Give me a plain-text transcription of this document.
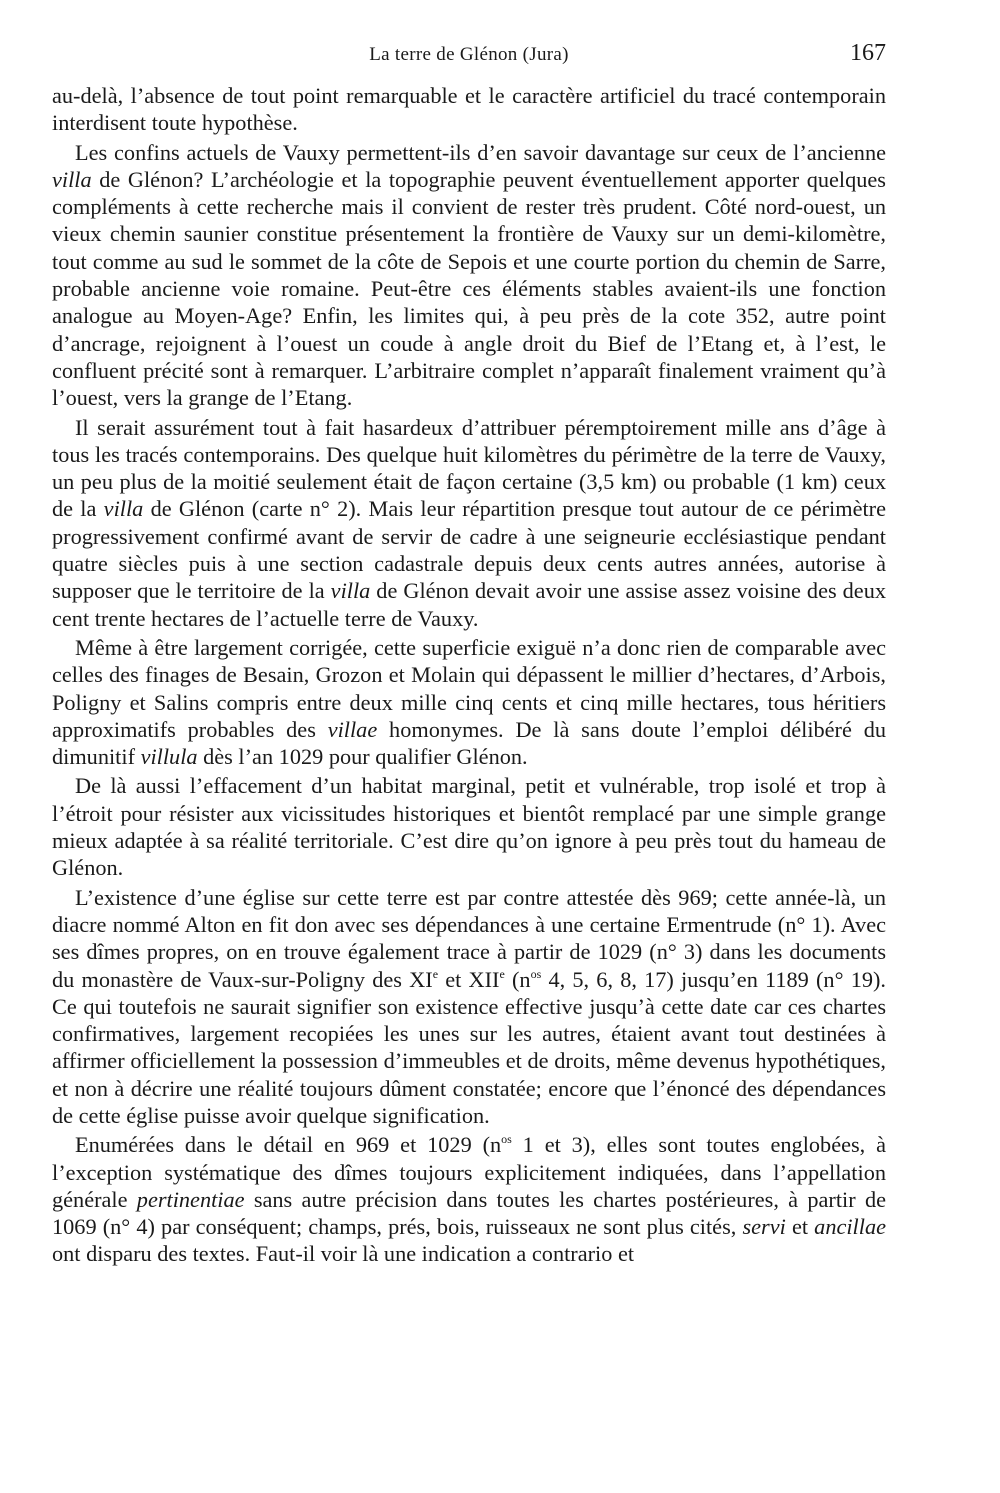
La terre de Glénon (Jura)	167

au-delà, l’absence de tout point remarquable et le caractère artificiel du tracé contemporain interdisent toute hypothèse.

Les confins actuels de Vauxy permettent-ils d’en savoir davantage sur ceux de l’ancienne villa de Glénon? L’archéologie et la topographie peuvent éventuellement apporter quelques compléments à cette recherche mais il convient de rester très prudent. Côté nord-ouest, un vieux chemin saunier constitue présentement la frontière de Vauxy sur un demi-kilomètre, tout comme au sud le sommet de la côte de Sepois et une courte portion du chemin de Sarre, probable ancienne voie romaine. Peut-être ces éléments stables avaient-ils une fonction analogue au Moyen-Age? Enfin, les limites qui, à peu près de la cote 352, autre point d’ancrage, rejoignent à l’ouest un coude à angle droit du Bief de l’Etang et, à l’est, le confluent précité sont à remarquer. L’arbitraire complet n’apparaît finalement vraiment qu’à l’ouest, vers la grange de l’Etang.

Il serait assurément tout à fait hasardeux d’attribuer péremptoirement mille ans d’âge à tous les tracés contemporains. Des quelque huit kilomètres du périmètre de la terre de Vauxy, un peu plus de la moitié seulement était de façon certaine (3,5 km) ou probable (1 km) ceux de la villa de Glénon (carte n° 2). Mais leur répartition presque tout autour de ce périmètre progressivement confirmé avant de servir de cadre à une seigneurie ecclésiastique pendant quatre siècles puis à une section cadastrale depuis deux cents autres années, autorise à supposer que le territoire de la villa de Glénon devait avoir une assise assez voisine des deux cent trente hectares de l’actuelle terre de Vauxy.

Même à être largement corrigée, cette superficie exiguë n’a donc rien de comparable avec celles des finages de Besain, Grozon et Molain qui dépassent le millier d’hectares, d’Arbois, Poligny et Salins compris entre deux mille cinq cents et cinq mille hectares, tous héritiers approximatifs probables des villae homonymes. De là sans doute l’emploi délibéré du dimunitif villula dès l’an 1029 pour qualifier Glénon.

De là aussi l’effacement d’un habitat marginal, petit et vulnérable, trop isolé et trop à l’étroit pour résister aux vicissitudes historiques et bientôt remplacé par une simple grange mieux adaptée à sa réalité territoriale. C’est dire qu’on ignore à peu près tout du hameau de Glénon.

L’existence d’une église sur cette terre est par contre attestée dès 969; cette année-là, un diacre nommé Alton en fit don avec ses dépendances à une certaine Ermentrude (n° 1). Avec ses dîmes propres, on en trouve également trace à partir de 1029 (n° 3) dans les documents du monastère de Vaux-sur-Poligny des XIe et XIIe ($n^{os}$ 4, 5, 6, 8, 17) jusqu’en 1189 (n° 19). Ce qui toutefois ne saurait signifier son existence effective jusqu’à cette date car ces chartes confirmatives, largement recopiées les unes sur les autres, étaient avant tout destinées à affirmer officiellement la possession d’immeubles et de droits, même devenus hypothétiques, et non à décrire une réalité toujours dûment constatée; encore que l’énoncé des dépendances de cette église puisse avoir quelque signification.

Enumérées dans le détail en 969 et 1029 ($n^{os}$ 1 et 3), elles sont toutes englobées, à l’exception systématique des dîmes toujours explicitement indiquées, dans l’appellation générale pertinentiae sans autre précision dans toutes les chartes postérieures, à partir de 1069 (n° 4) par conséquent; champs, prés, bois, ruisseaux ne sont plus cités, servi et ancillae ont disparu des textes. Faut-il voir là une indication a contrario et
